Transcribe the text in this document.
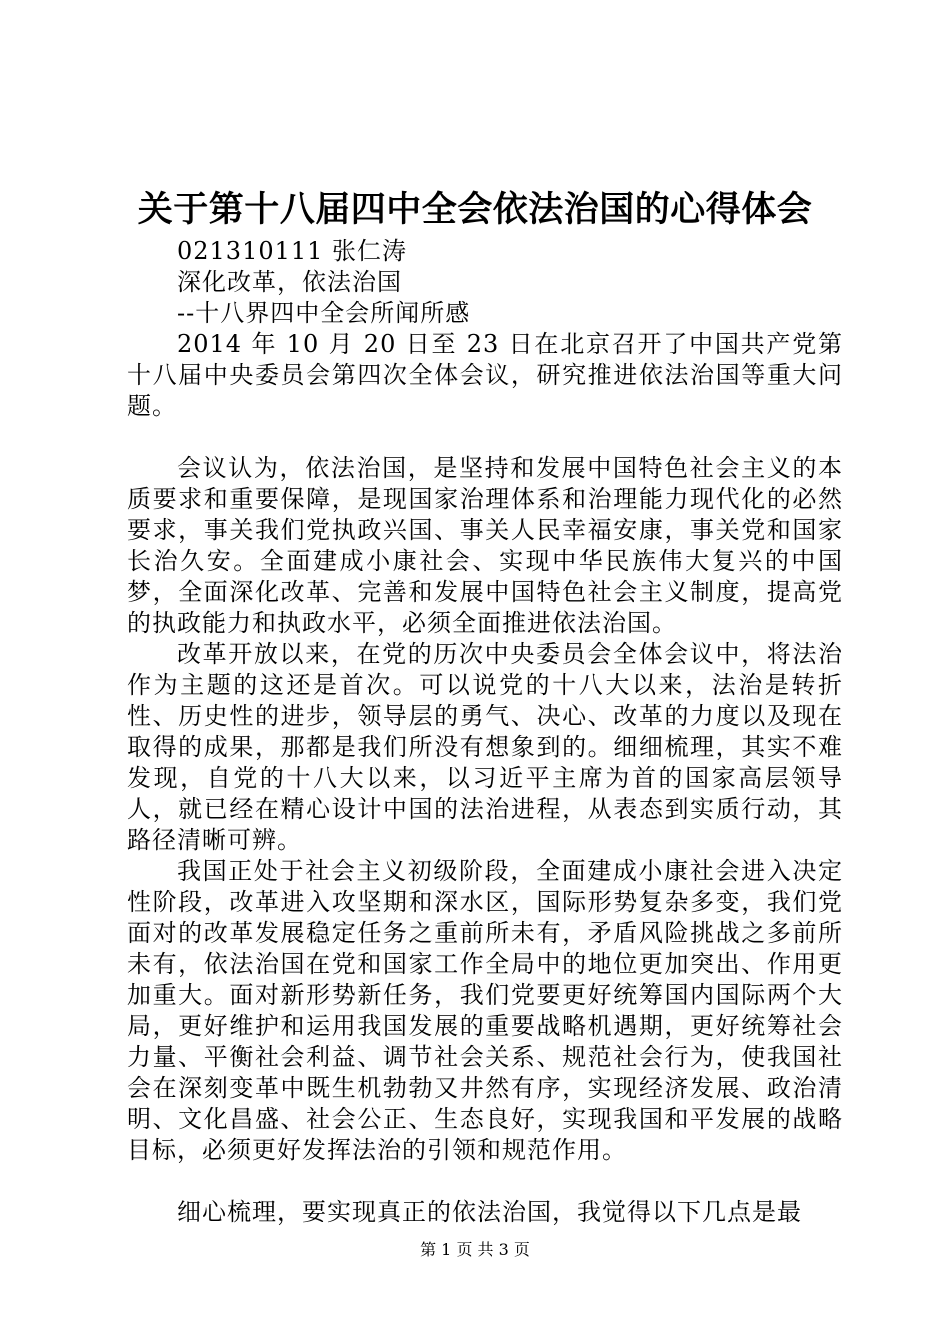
关于第十八届四中全会依法治国的心得体会
021310111 张仁涛
深化改革，依法治国
--十八界四中全会所闻所感

2014 年 10 月 20 日至 23 日在北京召开了中国共产党第十八届中央委员会第四次全体会议，研究推进依法治国等重大问题。

会议认为，依法治国，是坚持和发展中国特色社会主义的本质要求和重要保障，是现国家治理体系和治理能力现代化的必然要求，事关我们党执政兴国、事关人民幸福安康，事关党和国家长治久安。全面建成小康社会、实现中华民族伟大复兴的中国梦，全面深化改革、完善和发展中国特色社会主义制度，提高党的执政能力和执政水平，必须全面推进依法治国。

改革开放以来，在党的历次中央委员会全体会议中，将法治作为主题的这还是首次。可以说党的十八大以来，法治是转折性、历史性的进步，领导层的勇气、决心、改革的力度以及现在取得的成果，那都是我们所没有想象到的。细细梳理，其实不难发现，自党的十八大以来，以习近平主席为首的国家高层领导人，就已经在精心设计中国的法治进程，从表态到实质行动，其路径清晰可辨。

我国正处于社会主义初级阶段，全面建成小康社会进入决定性阶段，改革进入攻坚期和深水区，国际形势复杂多变，我们党面对的改革发展稳定任务之重前所未有，矛盾风险挑战之多前所未有，依法治国在党和国家工作全局中的地位更加突出、作用更加重大。面对新形势新任务，我们党要更好统筹国内国际两个大局，更好维护和运用我国发展的重要战略机遇期，更好统筹社会力量、平衡社会利益、调节社会关系、规范社会行为，使我国社会在深刻变革中既生机勃勃又井然有序，实现经济发展、政治清明、文化昌盛、社会公正、生态良好，实现我国和平发展的战略目标，必须更好发挥法治的引领和规范作用。

细心梳理，要实现真正的依法治国，我觉得以下几点是最

第 1 页 共 3 页
